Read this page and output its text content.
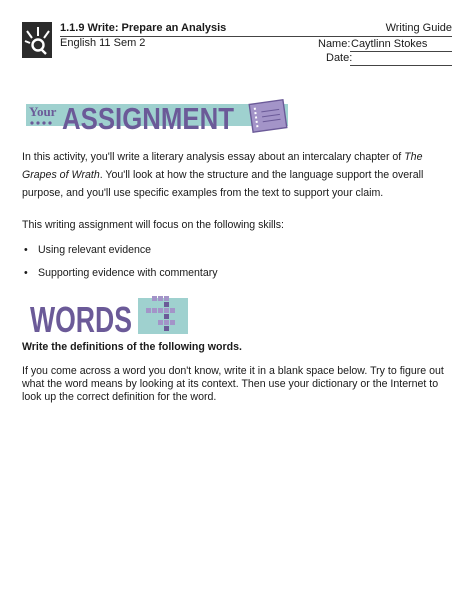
1.1.9 Write: Prepare an Analysis	Writing Guide
English 11 Sem 2	Name: Caytlinn Stokes
Date:
Your ASSIGNMENT
In this activity, you'll write a literary analysis essay about an intercalary chapter of The Grapes of Wrath. You'll look at how the structure and the language support the overall purpose, and you'll use specific examples from the text to support your claim.
This writing assignment will focus on the following skills:
• Using relevant evidence
• Supporting evidence with commentary
WORDS
Write the definitions of the following words.
If you come across a word you don't know, write it in a blank space below. Try to figure out what the word means by looking at its context. Then use your dictionary or the Internet to look up the correct definition for the word.
